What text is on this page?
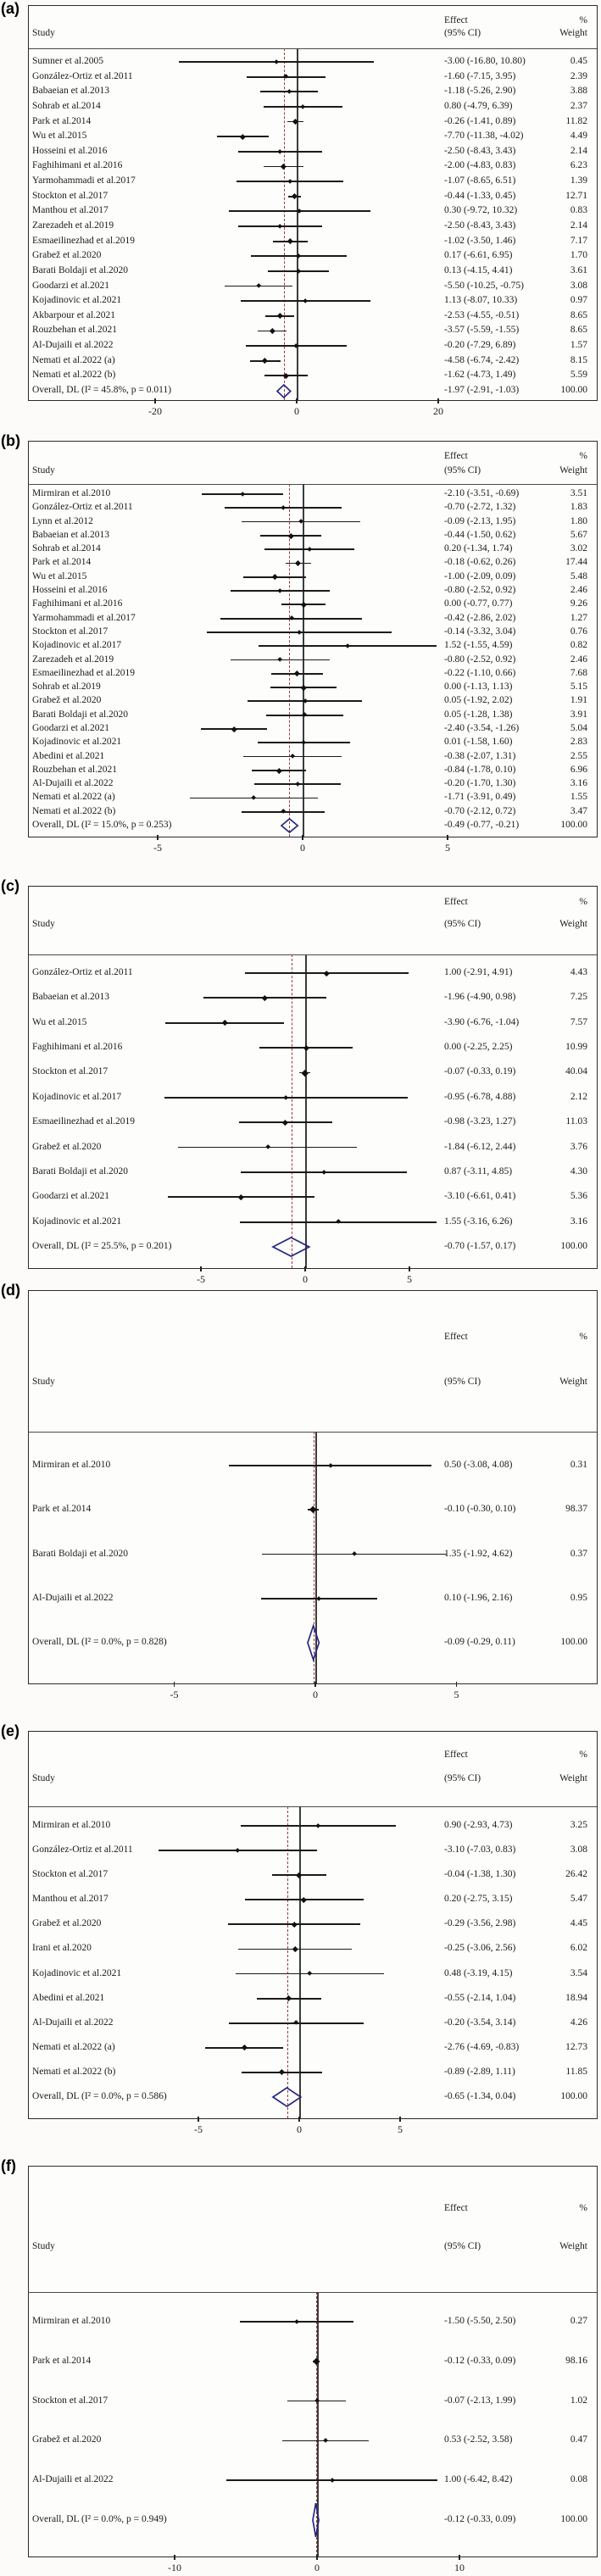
(a)
Effect	%
Study	(95% CI)	Weight
Sumner et al.2005	-3.00 (-16.80, 10.80)	0.45
González-Ortiz et al.2011	-1.60 (-7.15, 3.95)	2.39
Babaeian et al.2013	-1.18 (-5.26, 2.90)	3.88
Sohrab et al.2014	0.80 (-4.79, 6.39)	2.37
Park et al.2014	-0.26 (-1.41, 0.89)	11.82
Wu et al.2015	-7.70 (-11.38, -4.02)	4.49
Hosseini et al.2016	-2.50 (-8.43, 3.43)	2.14
Faghihimani et al.2016	-2.00 (-4.83, 0.83)	6.23
Yarmohammadi et al.2017	-1.07 (-8.65, 6.51)	1.39
Stockton et al.2017	-0.44 (-1.33, 0.45)	12.71
Manthou et al.2017	0.30 (-9.72, 10.32)	0.83
Zarezadeh et al.2019	-2.50 (-8.43, 3.43)	2.14
Esmaeilinezhad et al.2019	-1.02 (-3.50, 1.46)	7.17
Grabež et al.2020	0.17 (-6.61, 6.95)	1.70
Barati Boldaji et al.2020	0.13 (-4.15, 4.41)	3.61
Goodarzi et al.2021	-5.50 (-10.25, -0.75)	3.08
Kojadinovic et al.2021	1.13 (-8.07, 10.33)	0.97
Akbarpour et al.2021	-2.53 (-4.55, -0.51)	8.65
Rouzbehan et al.2021	-3.57 (-5.59, -1.55)	8.65
Al-Dujaili et al.2022	-0.20 (-7.29, 6.89)	1.57
Nemati et al.2022 (a)	-4.58 (-6.74, -2.42)	8.15
Nemati et al.2022 (b)	-1.62 (-4.73, 1.49)	5.59
Overall, DL (I² = 45.8%, p = 0.011)	-1.97 (-2.91, -1.03)	100.00
-20	0	20
(b)
Effect	%
Study	(95% CI)	Weight
Mirmiran et al.2010	-2.10 (-3.51, -0.69)	3.51
González-Ortiz et al.2011	-0.70 (-2.72, 1.32)	1.83
Lynn et al.2012	-0.09 (-2.13, 1.95)	1.80
Babaeian et al.2013	-0.44 (-1.50, 0.62)	5.67
Sohrab et al.2014	0.20 (-1.34, 1.74)	3.02
Park et al.2014	-0.18 (-0.62, 0.26)	17.44
Wu et al.2015	-1.00 (-2.09, 0.09)	5.48
Hosseini et al.2016	-0.80 (-2.52, 0.92)	2.46
Faghihimani et al.2016	0.00 (-0.77, 0.77)	9.26
Yarmohammadi et al.2017	-0.42 (-2.86, 2.02)	1.27
Stockton et al.2017	-0.14 (-3.32, 3.04)	0.76
Kojadinovic et al.2017	1.52 (-1.55, 4.59)	0.82
Zarezadeh et al.2019	-0.80 (-2.52, 0.92)	2.46
Esmaeilinezhad et al.2019	-0.22 (-1.10, 0.66)	7.68
Sohrab et al.2019	0.00 (-1.13, 1.13)	5.15
Grabež et al.2020	0.05 (-1.92, 2.02)	1.91
Barati Boldaji et al.2020	0.05 (-1.28, 1.38)	3.91
Goodarzi et al.2021	-2.40 (-3.54, -1.26)	5.04
Kojadinovic et al.2021	0.01 (-1.58, 1.60)	2.83
Abedini et al.2021	-0.38 (-2.07, 1.31)	2.55
Rouzbehan et al.2021	-0.84 (-1.78, 0.10)	6.96
Al-Dujaili et al.2022	-0.20 (-1.70, 1.30)	3.16
Nemati et al.2022 (a)	-1.71 (-3.91, 0.49)	1.55
Nemati et al.2022 (b)	-0.70 (-2.12, 0.72)	3.47
Overall, DL (I² = 15.0%, p = 0.253)	-0.49 (-0.77, -0.21)	100.00
-5	0	5
(c)
Effect	%
Study	(95% CI)	Weight
González-Ortiz et al.2011	1.00 (-2.91, 4.91)	4.43
Babaeian et al.2013	-1.96 (-4.90, 0.98)	7.25
Wu et al.2015	-3.90 (-6.76, -1.04)	7.57
Faghihimani et al.2016	0.00 (-2.25, 2.25)	10.99
Stockton et al.2017	-0.07 (-0.33, 0.19)	40.04
Kojadinovic et al.2017	-0.95 (-6.78, 4.88)	2.12
Esmaeilinezhad et al.2019	-0.98 (-3.23, 1.27)	11.03
Grabež et al.2020	-1.84 (-6.12, 2.44)	3.76
Barati Boldaji et al.2020	0.87 (-3.11, 4.85)	4.30
Goodarzi et al.2021	-3.10 (-6.61, 0.41)	5.36
Kojadinovic et al.2021	1.55 (-3.16, 6.26)	3.16
Overall, DL (I² = 25.5%, p = 0.201)	-0.70 (-1.57, 0.17)	100.00
-5	0	5
(d)
Effect	%
Study	(95% CI)	Weight
Mirmiran et al.2010	0.50 (-3.08, 4.08)	0.31
Park et al.2014	-0.10 (-0.30, 0.10)	98.37
Barati Boldaji et al.2020	1.35 (-1.92, 4.62)	0.37
Al-Dujaili et al.2022	0.10 (-1.96, 2.16)	0.95
Overall, DL (I² = 0.0%, p = 0.828)	-0.09 (-0.29, 0.11)	100.00
-5	0	5
(e)
Effect	%
Study	(95% CI)	Weight
Mirmiran et al.2010	0.90 (-2.93, 4.73)	3.25
González-Ortiz et al.2011	-3.10 (-7.03, 0.83)	3.08
Stockton et al.2017	-0.04 (-1.38, 1.30)	26.42
Manthou et al.2017	0.20 (-2.75, 3.15)	5.47
Grabež et al.2020	-0.29 (-3.56, 2.98)	4.45
Irani et al.2020	-0.25 (-3.06, 2.56)	6.02
Kojadinovic et al.2021	0.48 (-3.19, 4.15)	3.54
Abedini et al.2021	-0.55 (-2.14, 1.04)	18.94
Al-Dujaili et al.2022	-0.20 (-3.54, 3.14)	4.26
Nemati et al.2022 (a)	-2.76 (-4.69, -0.83)	12.73
Nemati et al.2022 (b)	-0.89 (-2.89, 1.11)	11.85
Overall, DL (I² = 0.0%, p = 0.586)	-0.65 (-1.34, 0.04)	100.00
-5	0	5
(f)
Effect	%
Study	(95% CI)	Weight
Mirmiran et al.2010	-1.50 (-5.50, 2.50)	0.27
Park et al.2014	-0.12 (-0.33, 0.09)	98.16
Stockton et al.2017	-0.07 (-2.13, 1.99)	1.02
Grabež et al.2020	0.53 (-2.52, 3.58)	0.47
Al-Dujaili et al.2022	1.00 (-6.42, 8.42)	0.08
Overall, DL (I² = 0.0%, p = 0.949)	-0.12 (-0.33, 0.09)	100.00
-10	0	10
